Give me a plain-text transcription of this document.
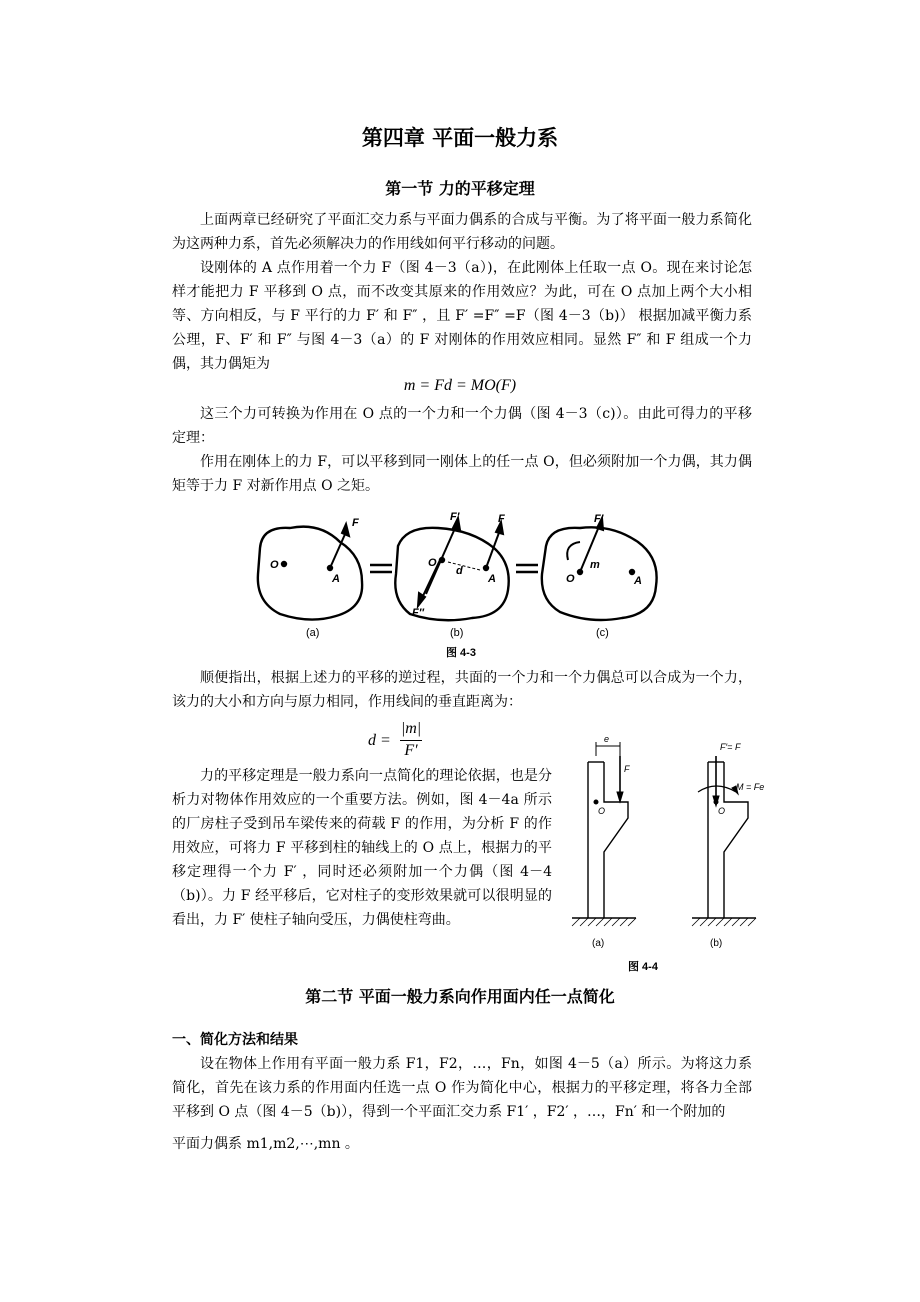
第四章 平面一般力系
第一节 力的平移定理

上面两章已经研究了平面汇交力系与平面力偶系的合成与平衡。为了将平面一般力系简化为这两种力系，首先必须解决力的作用线如何平行移动的问题。

设刚体的 A 点作用着一个力 F（图 4－3（a）)，在此刚体上任取一点 O。现在来讨论怎样才能把力 F 平移到 O 点，而不改变其原来的作用效应？为此，可在 O 点加上两个大小相等、方向相反，与 F 平行的力 F′ 和 F″ ，且 F′ =F″ =F（图 4－3（b)） 根据加减平衡力系公理，F、F′ 和 F″ 与图 4－3（a）的 F 对刚体的作用效应相同。显然 F″ 和 F 组成一个力偶，其力偶矩为

m = Fd = MO(F)

这三个力可转换为作用在 O 点的一个力和一个力偶（图 4－3（c)）。由此可得力的平移定理：

作用在刚体上的力 F，可以平移到同一刚体上的任一点 O，但必须附加一个力偶，其力偶矩等于力 F 对新作用点 O 之矩。

O
A
F
O
A
d
F′	F
F″
O
m
A
F′
(a)	(b)	(c)
图 4-3

顺便指出，根据上述力的平移的逆过程，共面的一个力和一个力偶总可以合成为一个力，该力的大小和方向与原力相同，作用线间的垂直距离为：

d =
|m|
F′

力的平移定理是一般力系向一点简化的理论依据，也是分析力对物体作用效应的一个重要方法。例如，图 4－4a 所示的厂房柱子受到吊车梁传来的荷载 F 的作用，为分析 F 的作用效应，可将力 F 平移到柱的轴线上的 O 点上，根据力的平移定理得一个力 F′ ，同时还必须附加一个力偶（图 4－4 （b)）。力 F 经平移后，它对柱子的变形效果就可以很明显的看出，力 F′ 使柱子轴向受压，力偶使柱弯曲。

e
F
O
F′= F
M = Fe
O
(a)	(b)
图 4-4
第二节 平面一般力系向作用面内任一点简化

一、简化方法和结果

设在物体上作用有平面一般力系 F1，F2，…，Fn，如图 4－5（a）所示。为将这力系简化，首先在该力系的作用面内任选一点 O 作为简化中心，根据力的平移定理，将各力全部平移到 O 点（图 4－5（b)），得到一个平面汇交力系 F1′ ，F2′ ，…，Fn′ 和一个附加的

平面力偶系 m1,m2,⋯,mn 。
